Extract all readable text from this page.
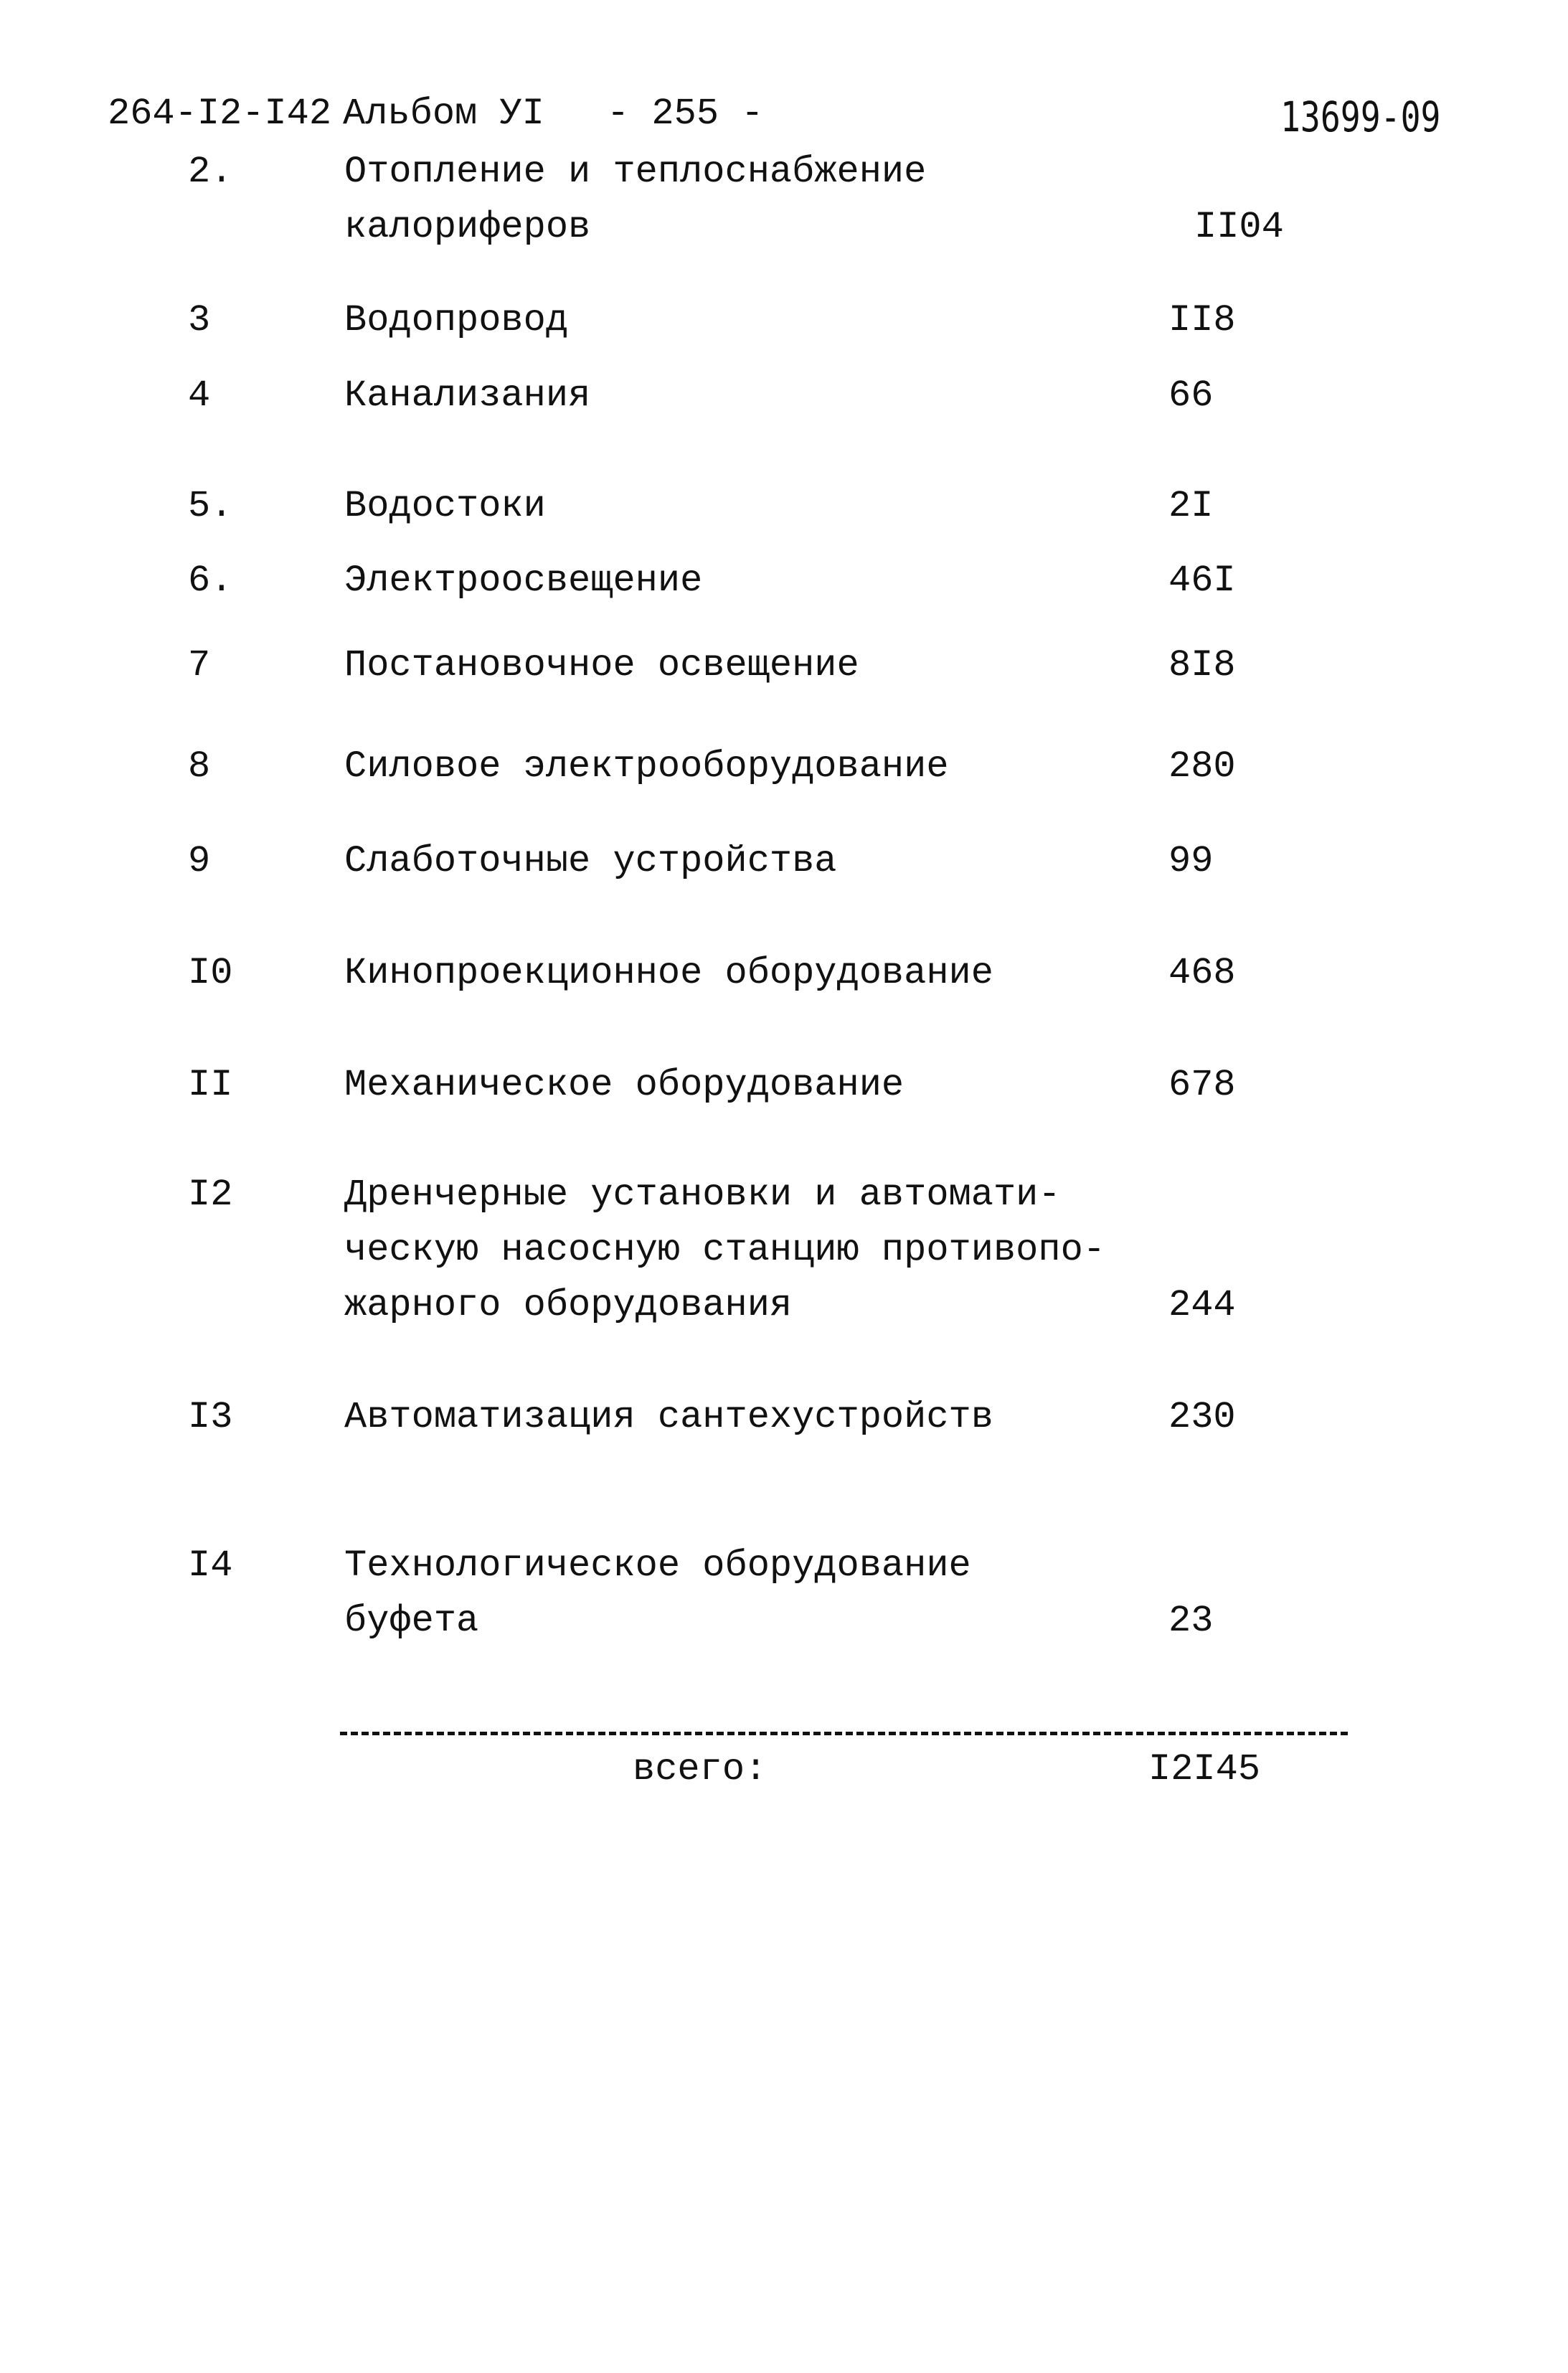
264-I2-I42 Альбом УI - 255 -	13699-09
2.	Отопление и теплоснабжение
калориферов	II04
3	Водопровод	II8
4	Канализания	66
5.	Водостоки	2I
6.	Электроосвещение	46I
7	Постановочное освещение	8I8
8	Силовое электрооборудование	280
9	Слаботочные устройства	99
I0	Кинопроекционное оборудование	468
II	Механическое оборудование	678
I2	Дренчерные установки и автомати-
ческую насосную станцию противопо-
жарного оборудования	244
I3	Автоматизация сантехустройств	230
I4	Технологическое оборудование
буфета	23
всего:	I2I45
